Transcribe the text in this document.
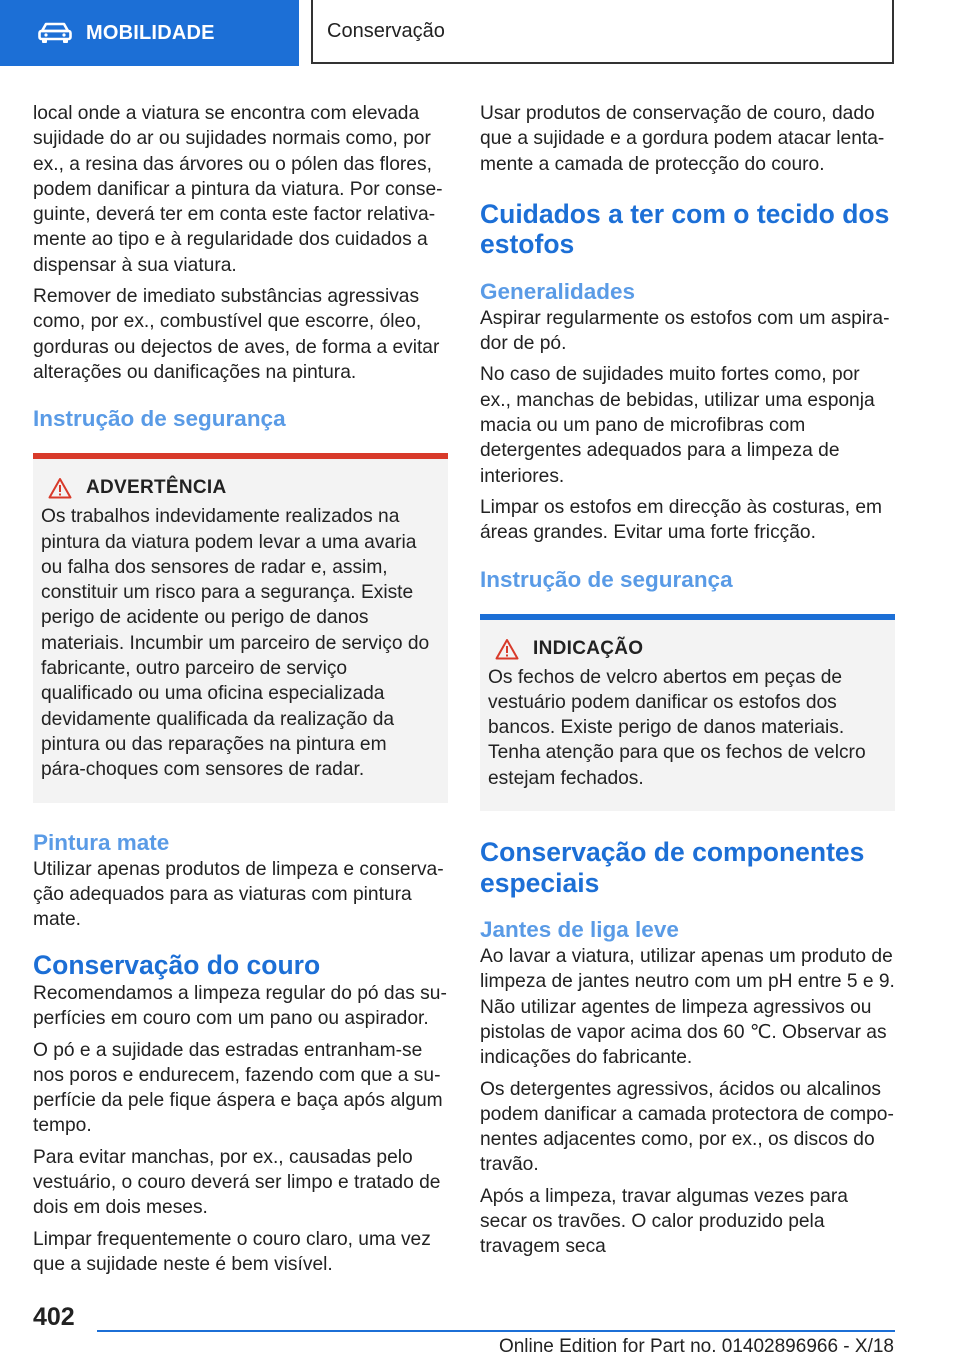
MOBILIDADE	Conservação

local onde a viatura se encontra com elevada sujidade do ar ou sujidades normais como, por ex., a resina das árvores ou o pólen das flores, podem danificar a pintura da viatura. Por conseguinte, deverá ter em conta este factor relativamente ao tipo e à regularidade dos cuidados a dispensar à sua viatura.

Remover de imediato substâncias agressivas como, por ex., combustível que escorre, óleo, gorduras ou dejectos de aves, de forma a evitar alterações ou danificações na pintura.

Instrução de segurança
ADVERTÊNCIA

Os trabalhos indevidamente realizados na pintura da viatura podem levar a uma avaria ou falha dos sensores de radar e, assim, constituir um risco para a segurança. Existe perigo de acidente ou perigo de danos materiais. Incumbir um parceiro de serviço do fabricante, outro parceiro de serviço qualificado ou uma oficina especializada devidamente qualificada da realização da pintura ou das reparações na pintura em pára-choques com sensores de radar.

Pintura mate

Utilizar apenas produtos de limpeza e conservação adequados para as viaturas com pintura mate.

Conservação do couro

Recomendamos a limpeza regular do pó das superfícies em couro com um pano ou aspirador.

O pó e a sujidade das estradas entranham-se nos poros e endurecem, fazendo com que a superfície da pele fique áspera e baça após algum tempo.

Para evitar manchas, por ex., causadas pelo vestuário, o couro deverá ser limpo e tratado de dois em dois meses.

Limpar frequentemente o couro claro, uma vez que a sujidade neste é bem visível.

Usar produtos de conservação de couro, dado que a sujidade e a gordura podem atacar lentamente a camada de protecção do couro.

Cuidados a ter com o tecido dos estofos
Generalidades

Aspirar regularmente os estofos com um aspirador de pó.

No caso de sujidades muito fortes como, por ex., manchas de bebidas, utilizar uma esponja macia ou um pano de microfibras com detergentes adequados para a limpeza de interiores.

Limpar os estofos em direcção às costuras, em áreas grandes. Evitar uma forte fricção.

Instrução de segurança
INDICAÇÃO

Os fechos de velcro abertos em peças de vestuário podem danificar os estofos dos bancos. Existe perigo de danos materiais. Tenha atenção para que os fechos de velcro estejam fechados.

Conservação de componentes especiais
Jantes de liga leve

Ao lavar a viatura, utilizar apenas um produto de limpeza de jantes neutro com um pH entre 5 e 9. Não utilizar agentes de limpeza agressivos ou pistolas de vapor acima dos 60 ℃. Observar as indicações do fabricante.

Os detergentes agressivos, ácidos ou alcalinos podem danificar a camada protectora de componentes adjacentes como, por ex., os discos do travão.

Após a limpeza, travar algumas vezes para secar os travões. O calor produzido pela travagem seca

402
Online Edition for Part no. 01402896966 - X/18
